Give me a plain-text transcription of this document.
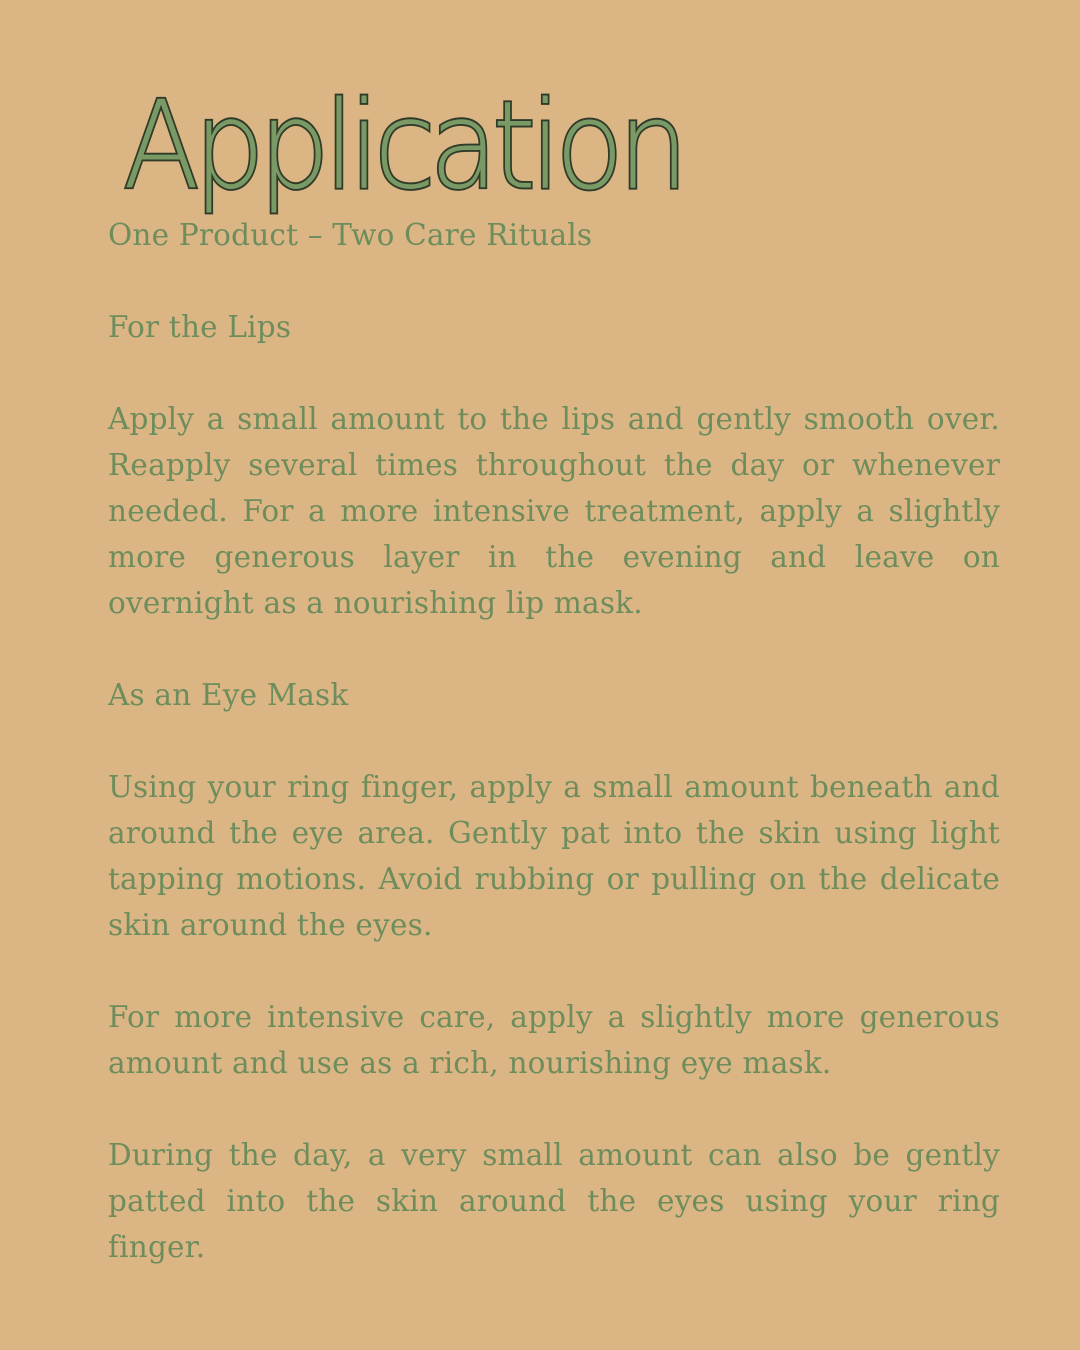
Application

One Product – Two Care Rituals

For the Lips

Apply a small amount to the lips and gently smooth over. Reapply several times throughout the day or whenever needed. For a more intensive treatment, apply a slightly more generous layer in the evening and leave on overnight as a nourishing lip mask.

As an Eye Mask

Using your ring finger, apply a small amount beneath and around the eye area. Gently pat into the skin using light tapping motions. Avoid rubbing or pulling on the delicate skin around the eyes.

For more intensive care, apply a slightly more generous amount and use as a rich, nourishing eye mask.

During the day, a very small amount can also be gently patted into the skin around the eyes using your ring finger.
